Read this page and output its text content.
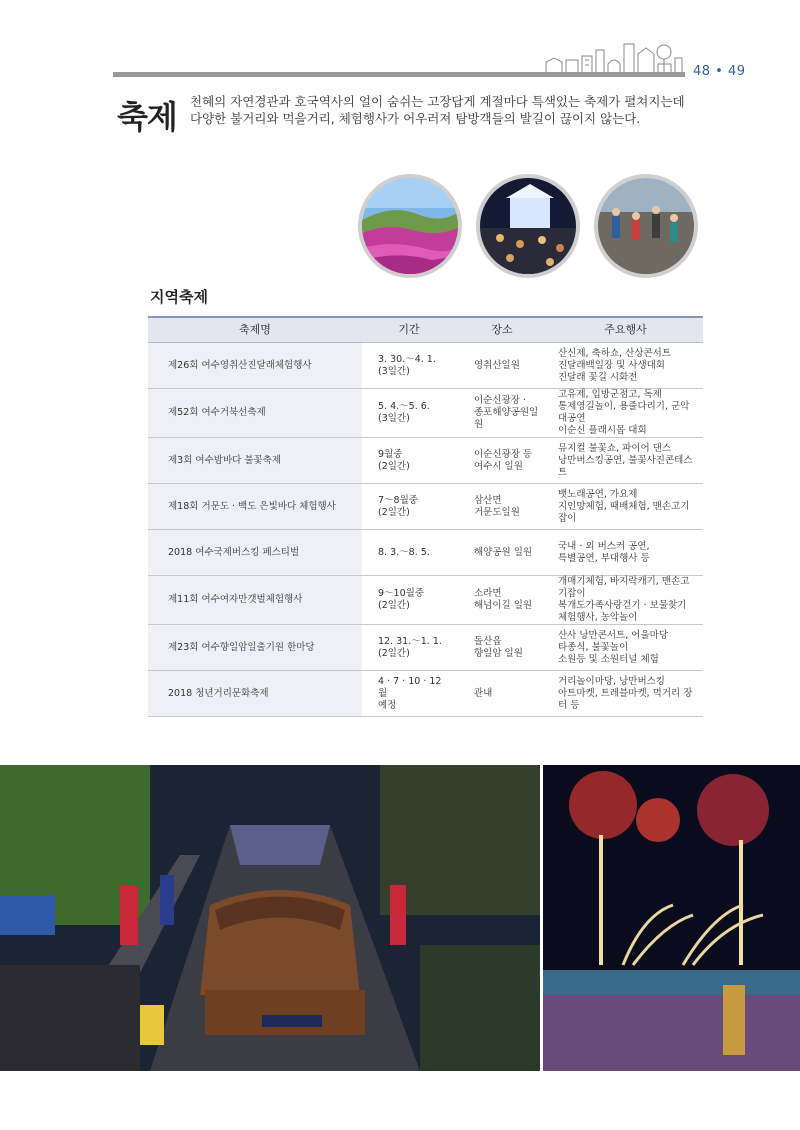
48 • 49
축제 천혜의 자연경관과 호국역사의 얼이 숨쉬는 고장답게 계절마다 특색있는 축제가 펼쳐지는데
다양한 불거리와 먹을거리, 체험행사가 어우러져 탐방객들의 발길이 끊이지 않는다.
지역축제
축제명	기간	장소	주요행사
제26회 여수영취산진달래체험행사	3. 30.～4. 1.
(3일간)	영취산일원	산신제, 축하쇼, 산상콘서트
진달래백일장 및 사생대회
진달래 꽃길 시화전
제52회 여수거북선축제	5. 4.～5. 6.
(3일간)	이순신광장 ·
종포해양공원일원	고유제, 입방군점고, 독제
통제영길놀이, 용줄다리기, 군악대공연
이순신 플래시몹 대회
제3회 여수밤바다 불꽃축제	9월중
(2일간)	이순신광장 등
여수시 일원	뮤지컬 불꽃쇼, 파이어 댄스
낭만버스킹공연, 불꽃사진콘테스트
제18회 거문도 · 백도 은빛바다 체험행사	7～8월중
(2일간)	삼산면
거문도일원	뱃노래공연, 가요제
지인망체험, 때배체험, 맨손고기잡이
2018 여수국제버스킹 페스티벌	8. 3.～8. 5.	해양공원 일원	국내 · 외 버스커 공연,
특별공연, 부대행사 등
제11회 여수여자만갯벌체험행사	9～10월중
(2일간)	소라면
해넘이길 일원	개매기체험, 바지락캐기, 맨손고기잡이
복개도가족사랑걷기 · 보물찾기
체험행사, 농악놀이
제23회 여수향일암일출기원 한마당	12. 31.～1. 1.
(2일간)	돌산읍
향일암 일원	산사 낭만콘서트, 어울마당
타종식, 불꽃놀이
소원등 및 소원터널 체험
2018 청년거리문화축제	4 · 7 · 10 · 12월
예정	관내	거리놀이마당, 낭만버스킹
아트마켓, 트레블마켓, 먹거리 장터 등
